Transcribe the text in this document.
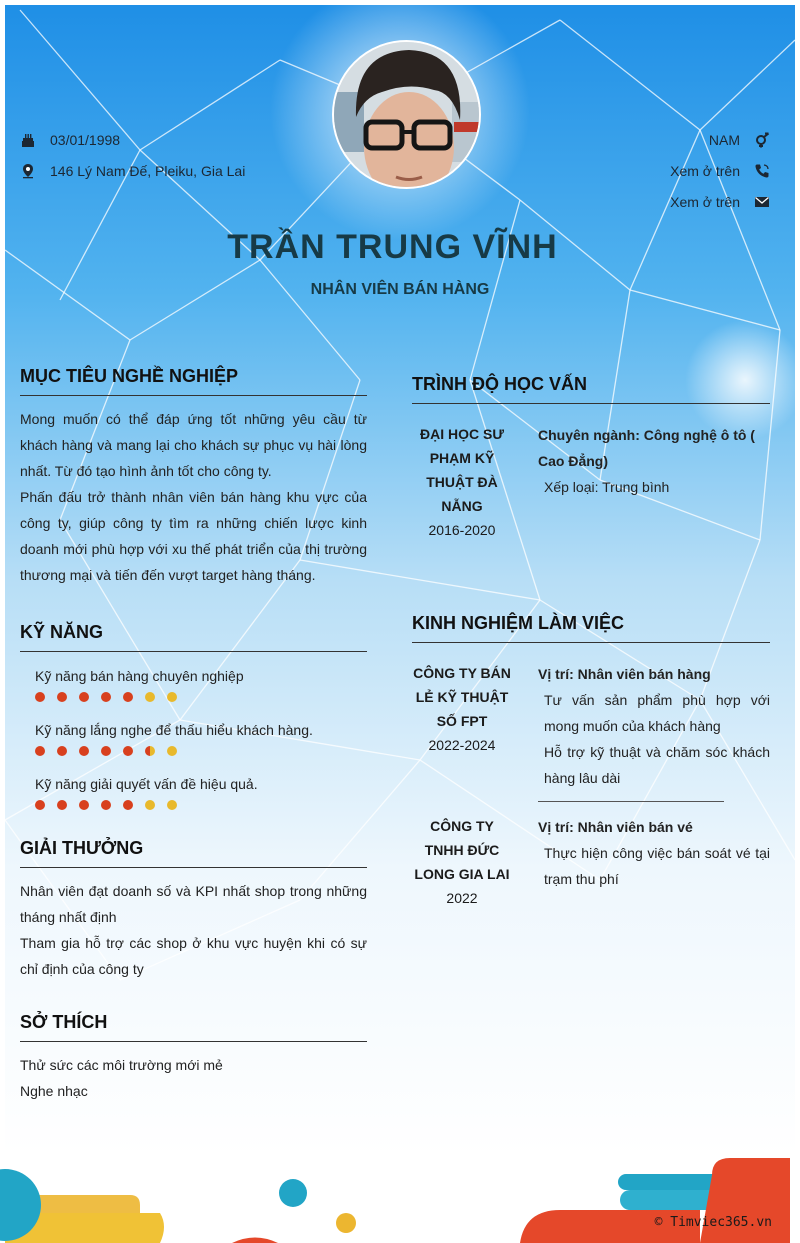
03/01/1998
146 Lý Nam Đế, Pleiku, Gia Lai
NAM
Xem ở trên
Xem ở trên
TRẦN TRUNG VĨNH
NHÂN VIÊN BÁN HÀNG
MỤC TIÊU NGHỀ NGHIỆP

Mong muốn có thể đáp ứng tốt những yêu cầu từ khách hàng và mang lại cho khách sự phục vụ hài lòng nhất. Từ đó tạo hình ảnh tốt cho công ty.

Phấn đấu trở thành nhân viên bán hàng khu vực của công ty, giúp công ty tìm ra những chiến lược kinh doanh mới phù hợp với xu thế phát triển của thị trường thương mại và tiến đến vượt target hàng tháng.

KỸ NĂNG
Kỹ năng bán hàng chuyên nghiệp
Kỹ năng lắng nghe để thấu hiểu khách hàng.
Kỹ năng giải quyết vấn đề hiệu quả.
GIẢI THƯỞNG

Nhân viên đạt doanh số và KPI nhất shop trong những tháng nhất định

Tham gia hỗ trợ các shop ở khu vực huyện khi có sự chỉ định của công ty

SỞ THÍCH

Thử sức các môi trường mới mẻ

Nghe nhạc

TRÌNH ĐỘ HỌC VẤN
ĐẠI HỌC SƯ PHẠM KỸ THUẬT ĐÀ NẴNG
2016-2020
Chuyên ngành: Công nghệ ô tô ( Cao Đẳng)
Xếp loại: Trung bình
KINH NGHIỆM LÀM VIỆC
CÔNG TY BÁN LẺ KỸ THUẬT SỐ FPT
2022-2024
Vị trí: Nhân viên bán hàng
Tư vấn sản phẩm phù hợp với mong muốn của khách hàng
Hỗ trợ kỹ thuật và chăm sóc khách hàng lâu dài
CÔNG TY TNHH ĐỨC LONG GIA LAI
2022
Vị trí: Nhân viên bán vé
Thực hiện công việc bán soát vé tại trạm thu phí
© Timviec365.vn
